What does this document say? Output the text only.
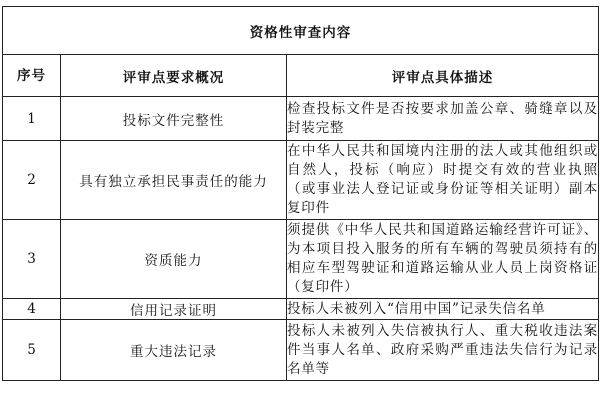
资格性审查内容		
序号	评审点要求概况	评审点具体描述
1	投标文件完整性	检查投标文件是否按要求加盖公章、骑缝章以及封装完整
2	具有独立承担民事责任的能力	在中华人民共和国境内注册的法人或其他组织或自然人，投标（响应）时提交有效的营业执照（或事业法人登记证或身份证等相关证明）副本复印件
3	资质能力	须提供《中华人民共和国道路运输经营许可证》、为本项目投入服务的所有车辆的驾驶员须持有的相应车型驾驶证和道路运输从业人员上岗资格证（复印件）
4	信用记录证明	投标人未被列入“信用中国”记录失信名单
5	重大违法记录	投标人未被列入失信被执行人、重大税收违法案件当事人名单、政府采购严重违法失信行为记录名单等
